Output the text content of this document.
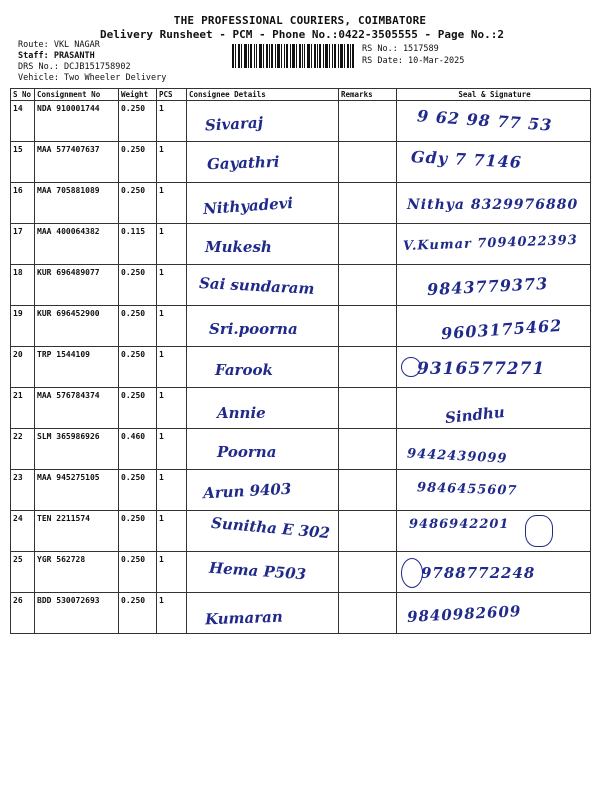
THE PROFESSIONAL COURIERS, COIMBATORE
Delivery Runsheet - PCM - Phone No.:0422-3505555 - Page No.:2
Route: VKL NAGAR
Staff: PRASANTH
DRS No.: DCJB151758902
Vehicle: Two Wheeler Delivery
RS No.: 1517589
RS Date: 10-Mar-2025
S No	Consignment No	Weight	PCS	Consignee Details	Remarks	Seal & Signature
14	NDA 910001744	0.250	1	Sivaraj		9 62 98 77 53

15	MAA 577407637	0.250	1	Gayathri		Gdy 7 7146

16	MAA 705881089	0.250	1	Nithyadevi		Nithya 8329976880

17	MAA 400064382	0.115	1	Mukesh		V.Kumar 7094022393

18	KUR 696489077	0.250	1	Sai sundaram		9843779373

19	KUR 696452900	0.250	1	Sri.poorna		9603175462

20	TRP 1544109	0.250	1	Farook		9316577271

21	MAA 576784374	0.250	1	Annie		Sindhu

22	SLM 365986926	0.460	1	Poorna		9442439099

23	MAA 945275105	0.250	1	Arun 9403		9846455607

24	TEN 2211574	0.250	1	Sunitha E 302		9486942201

25	YGR 562728	0.250	1	Hema P503		9788772248

26	BDD 530072693	0.250	1	Kumaran		9840982609
